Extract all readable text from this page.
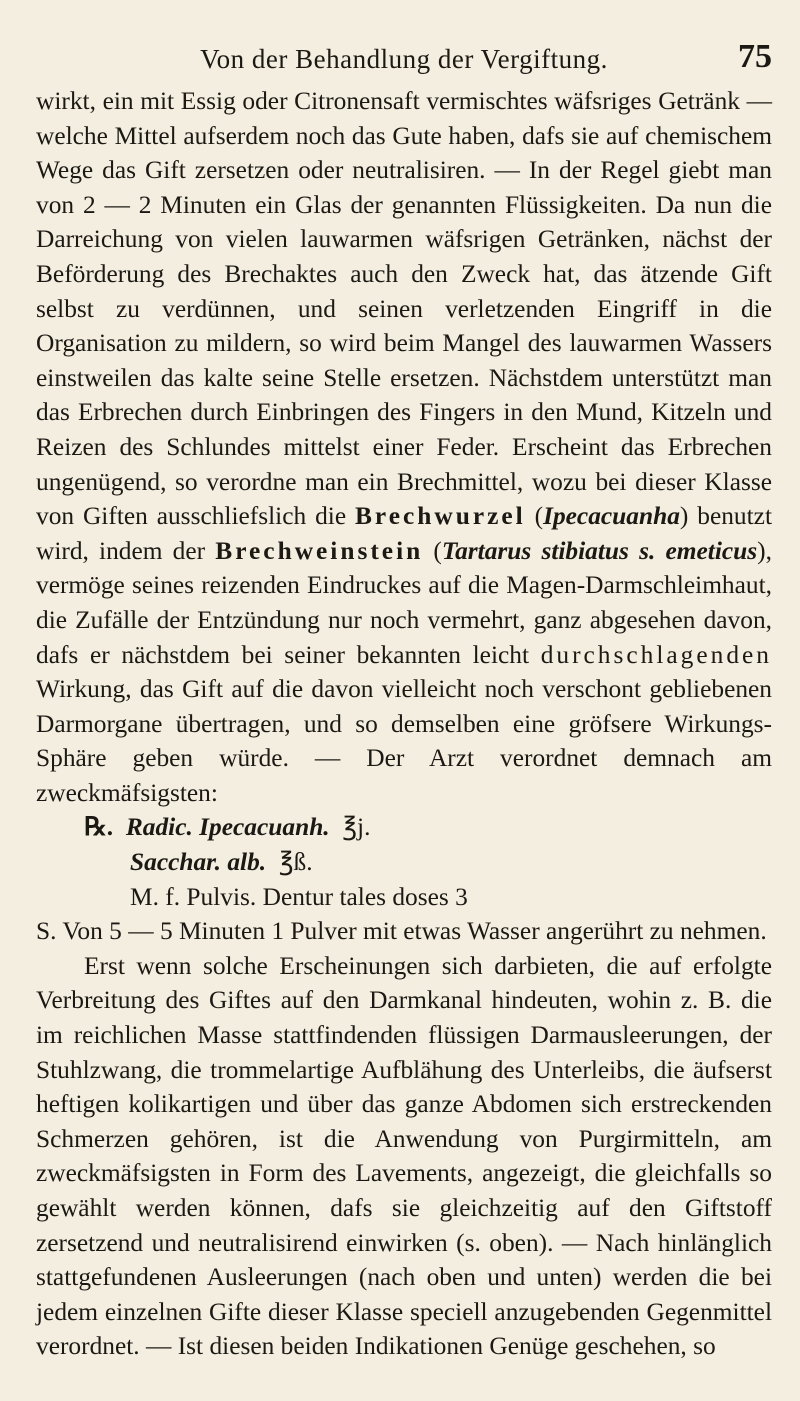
Von der Behandlung der Vergiftung.	75

wirkt, ein mit Essig oder Citronensaft vermischtes wäfsriges Getränk — welche Mittel aufserdem noch das Gute haben, dafs sie auf chemischem Wege das Gift zersetzen oder neutralisiren. — In der Regel giebt man von 2 — 2 Minuten ein Glas der genannten Flüssigkeiten. Da nun die Darreichung von vielen lauwarmen wäfsrigen Getränken, nächst der Beförderung des Brechaktes auch den Zweck hat, das ätzende Gift selbst zu verdünnen, und seinen verletzenden Eingriff in die Organisation zu mildern, so wird beim Mangel des lauwarmen Wassers einstweilen das kalte seine Stelle ersetzen. Nächstdem unterstützt man das Erbrechen durch Einbringen des Fingers in den Mund, Kitzeln und Reizen des Schlundes mittelst einer Feder. Erscheint das Erbrechen ungenügend, so verordne man ein Brechmittel, wozu bei dieser Klasse von Giften ausschliefslich die Brechwurzel (Ipecacuanha) benutzt wird, indem der Brechweinstein (Tartarus stibiatus s. emeticus), vermöge seines reizenden Eindruckes auf die Magen-Darmschleimhaut, die Zufälle der Entzündung nur noch vermehrt, ganz abgesehen davon, dafs er nächstdem bei seiner bekannten leicht durchschlagenden Wirkung, das Gift auf die davon vielleicht noch verschont gebliebenen Darmorgane übertragen, und so demselben eine gröfsere Wirkungs-Sphäre geben würde. — Der Arzt verordnet demnach am zweckmäfsigsten:

℞. Radic. Ipecacuanh. ℥j.
Sacchar. alb. ℥ß.
M. f. Pulvis. Dentur tales doses 3

S. Von 5 — 5 Minuten 1 Pulver mit etwas Wasser angerührt zu nehmen.

Erst wenn solche Erscheinungen sich darbieten, die auf erfolgte Verbreitung des Giftes auf den Darmkanal hindeuten, wohin z. B. die im reichlichen Masse stattfindenden flüssigen Darmausleerungen, der Stuhlzwang, die trommelartige Aufblähung des Unterleibs, die äufserst heftigen kolikartigen und über das ganze Abdomen sich erstreckenden Schmerzen gehören, ist die Anwendung von Purgirmitteln, am zweckmäfsigsten in Form des Lavements, angezeigt, die gleichfalls so gewählt werden können, dafs sie gleichzeitig auf den Giftstoff zersetzend und neutralisirend einwirken (s. oben). — Nach hinlänglich stattgefundenen Ausleerungen (nach oben und unten) werden die bei jedem einzelnen Gifte dieser Klasse speciell anzugebenden Gegenmittel verordnet. — Ist diesen beiden Indikationen Genüge geschehen, so
